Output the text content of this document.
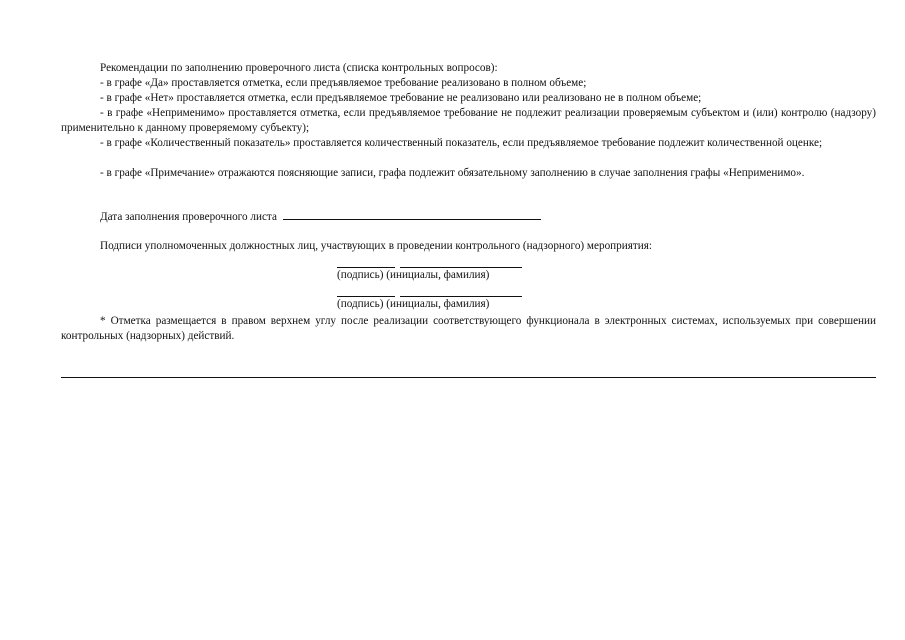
Рекомендации по заполнению проверочного листа (списка контрольных вопросов):
- в графе «Да» проставляется отметка, если предъявляемое требование реализовано в полном объеме;
- в графе «Нет» проставляется отметка, если предъявляемое требование не реализовано или реализовано не в полном объеме;
- в графе «Неприменимо» проставляется отметка, если предъявляемое требование не подлежит реализации проверяемым субъектом и (или) контролю (надзору) применительно к данному проверяемому субъекту);
- в графе «Количественный показатель» проставляется количественный показатель, если предъявляемое требование подлежит количественной оценке;
- в графе «Примечание» отражаются поясняющие записи, графа подлежит обязательному заполнению в случае заполнения графы «Неприменимо».
Дата заполнения проверочного листа
Подписи уполномоченных должностных лиц, участвующих в проведении контрольного (надзорного) мероприятия:
(подпись) (инициалы, фамилия)
(подпись) (инициалы, фамилия)
* Отметка размещается в правом верхнем углу после реализации соответствующего функционала в электронных системах, используемых при совершении контрольных (надзорных) действий.
